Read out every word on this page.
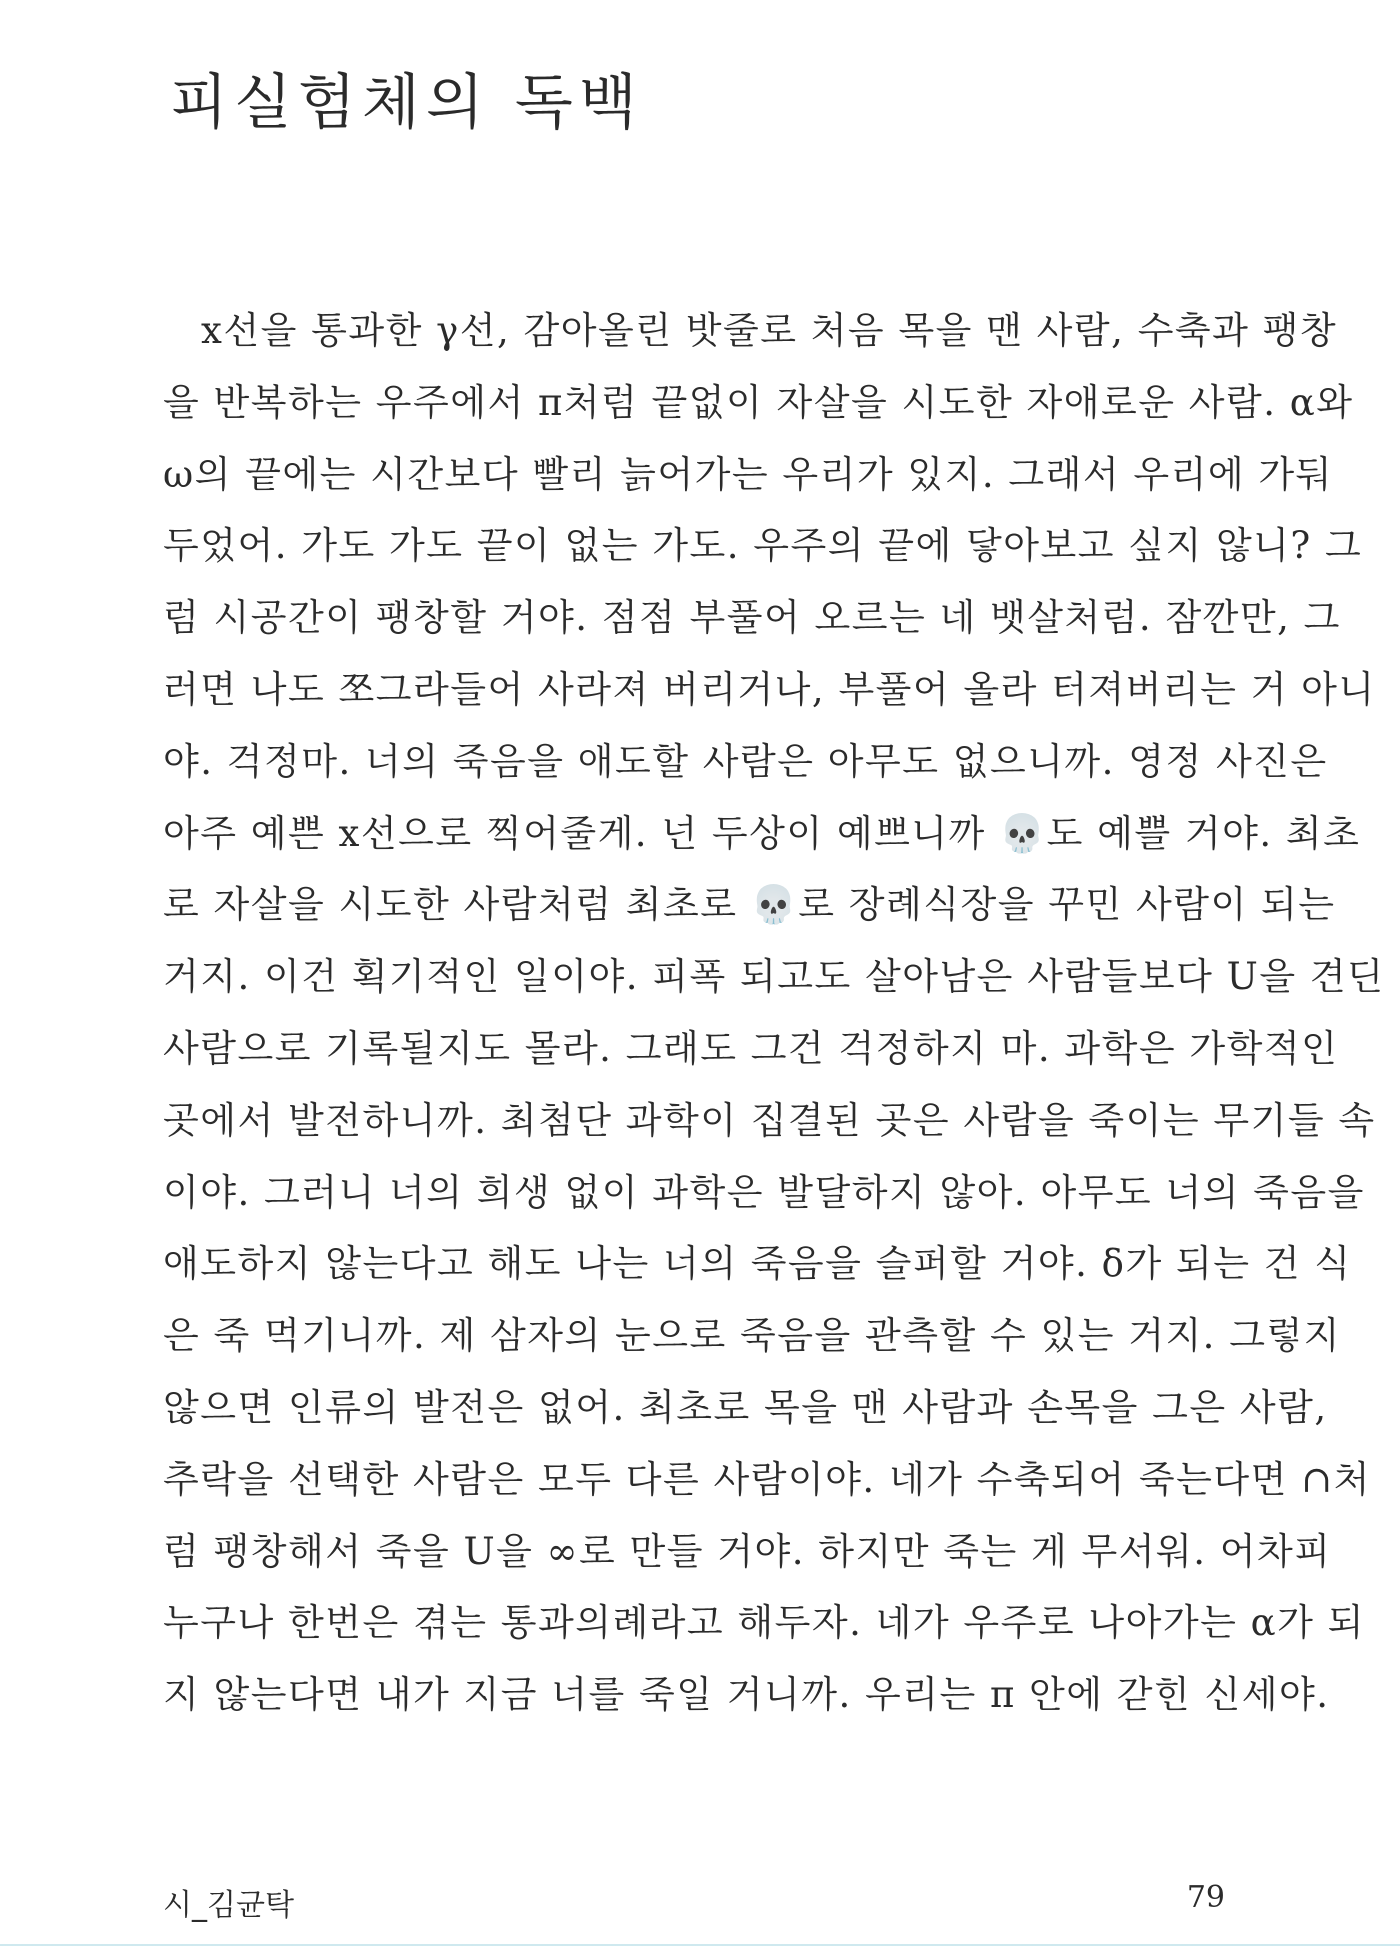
피실험체의 독백
x선을 통과한 γ선, 감아올린 밧줄로 처음 목을 맨 사람, 수축과 팽창
을 반복하는 우주에서 π처럼 끝없이 자살을 시도한 자애로운 사람. α와
ω의 끝에는 시간보다 빨리 늙어가는 우리가 있지. 그래서 우리에 가둬
두었어. 가도 가도 끝이 없는 가도. 우주의 끝에 닿아보고 싶지 않니? 그
럼 시공간이 팽창할 거야. 점점 부풀어 오르는 네 뱃살처럼. 잠깐만, 그
러면 나도 쪼그라들어 사라져 버리거나, 부풀어 올라 터져버리는 거 아니
야. 걱정마. 너의 죽음을 애도할 사람은 아무도 없으니까. 영정 사진은
아주 예쁜 x선으로 찍어줄게. 넌 두상이 예쁘니까 💀도 예쁠 거야. 최초
로 자살을 시도한 사람처럼 최초로 💀로 장례식장을 꾸민 사람이 되는
거지. 이건 획기적인 일이야. 피폭 되고도 살아남은 사람들보다 U을 견딘
사람으로 기록될지도 몰라. 그래도 그건 걱정하지 마. 과학은 가학적인
곳에서 발전하니까. 최첨단 과학이 집결된 곳은 사람을 죽이는 무기들 속
이야. 그러니 너의 희생 없이 과학은 발달하지 않아. 아무도 너의 죽음을
애도하지 않는다고 해도 나는 너의 죽음을 슬퍼할 거야. δ가 되는 건 식
은 죽 먹기니까. 제 삼자의 눈으로 죽음을 관측할 수 있는 거지. 그렇지
않으면 인류의 발전은 없어. 최초로 목을 맨 사람과 손목을 그은 사람,
추락을 선택한 사람은 모두 다른 사람이야. 네가 수축되어 죽는다면 ∩처
럼 팽창해서 죽을 U을 ∞로 만들 거야. 하지만 죽는 게 무서워. 어차피
누구나 한번은 겪는 통과의례라고 해두자. 네가 우주로 나아가는 α가 되
지 않는다면 내가 지금 너를 죽일 거니까. 우리는 π 안에 갇힌 신세야.
시_김균탁	79
